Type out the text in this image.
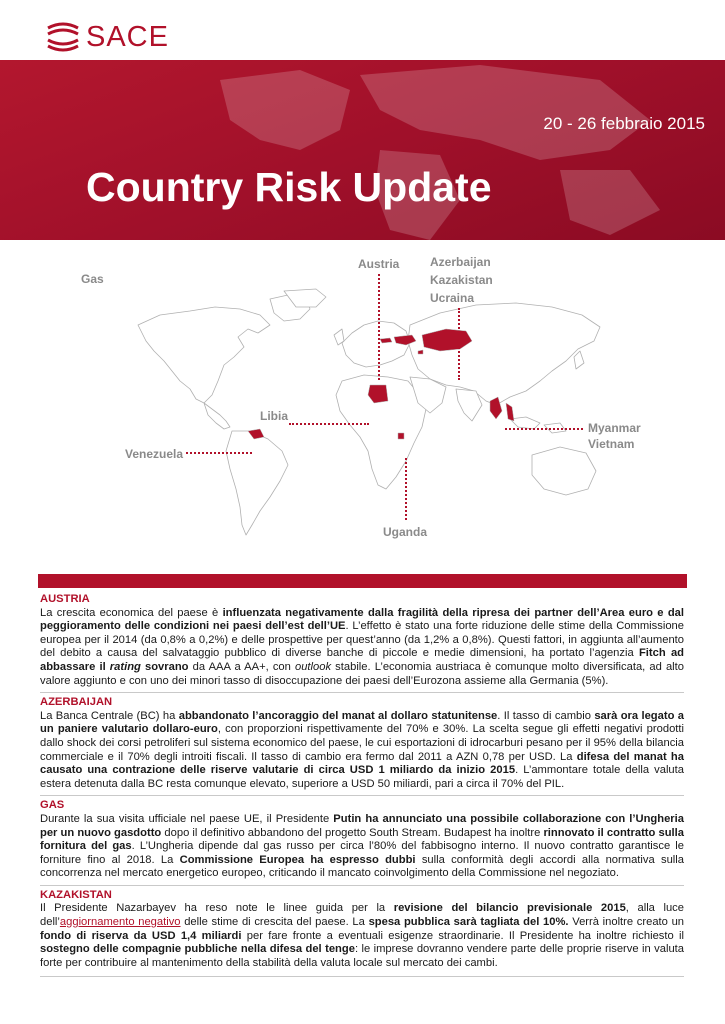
SACE
20 - 26 febbraio 2015
Country Risk Update
Gas
Austria	Azerbaijan
Kazakistan
Ucraina
Libia
Venezuela
Myanmar
Vietnam
Uganda

AUSTRIA

La crescita economica del paese è influenzata negativamente dalla fragilità della ripresa dei partner dell’Area euro e dal peggioramento delle condizioni nei paesi dell’est dell’UE. L’effetto è stato una forte riduzione delle stime della Commissione europea per il 2014 (da 0,8% a 0,2%) e delle prospettive per quest’anno (da 1,2% a 0,8%). Questi fattori, in aggiunta all’aumento del debito a causa del salvataggio pubblico di diverse banche di piccole e medie dimensioni, ha portato l’agenzia Fitch ad abbassare il rating sovrano da AAA a AA+, con outlook stabile. L’economia austriaca è comunque molto diversificata, ad alto valore aggiunto e con uno dei minori tasso di disoccupazione dei paesi dell’Eurozona assieme alla Germania (5%).

AZERBAIJAN

La Banca Centrale (BC) ha abbandonato l’ancoraggio del manat al dollaro statunitense. Il tasso di cambio sarà ora legato a un paniere valutario dollaro-euro, con proporzioni rispettivamente del 70% e 30%. La scelta segue gli effetti negativi prodotti dallo shock dei corsi petroliferi sul sistema economico del paese, le cui esportazioni di idrocarburi pesano per il 95% della bilancia commerciale e il 70% degli introiti fiscali. Il tasso di cambio era fermo dal 2011 a AZN 0,78 per USD. La difesa del manat ha causato una contrazione delle riserve valutarie di circa USD 1 miliardo da inizio 2015. L’ammontare totale della valuta estera detenuta dalla BC resta comunque elevato, superiore a USD 50 miliardi, pari a circa il 70% del PIL.

GAS

Durante la sua visita ufficiale nel paese UE, il Presidente Putin ha annunciato una possibile collaborazione con l’Ungheria per un nuovo gasdotto dopo il definitivo abbandono del progetto South Stream. Budapest ha inoltre rinnovato il contratto sulla fornitura del gas. L’Ungheria dipende dal gas russo per circa l’80% del fabbisogno interno. Il nuovo contratto garantisce le forniture fino al 2018. La Commissione Europea ha espresso dubbi sulla conformità degli accordi alla normativa sulla concorrenza nel mercato energetico europeo, criticando il mancato coinvolgimento della Commissione nel negoziato.

KAZAKISTAN

Il Presidente Nazarbayev ha reso note le linee guida per la revisione del bilancio previsionale 2015, alla luce dell’aggiornamento negativo delle stime di crescita del paese. La spesa pubblica sarà tagliata del 10%. Verrà inoltre creato un fondo di riserva da USD 1,4 miliardi per fare fronte a eventuali esigenze straordinarie. Il Presidente ha inoltre richiesto il sostegno delle compagnie pubbliche nella difesa del tenge: le imprese dovranno vendere parte delle proprie riserve in valuta forte per contribuire al mantenimento della stabilità della valuta locale sul mercato dei cambi.
